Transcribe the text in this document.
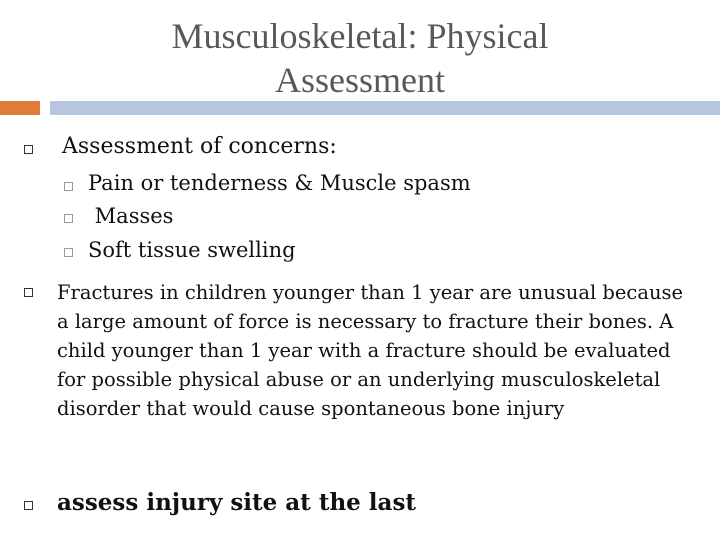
Musculoskeletal: Physical
Assessment
Assessment of concerns:
Pain or tenderness & Muscle spasm
Masses
Soft tissue swelling
Fractures in children younger than 1 year are unusual because a large amount of force is necessary to fracture their bones. A child younger than 1 year with a fracture should be evaluated for possible physical abuse or an underlying musculoskeletal disorder that would cause spontaneous bone injury
assess injury site at the last
